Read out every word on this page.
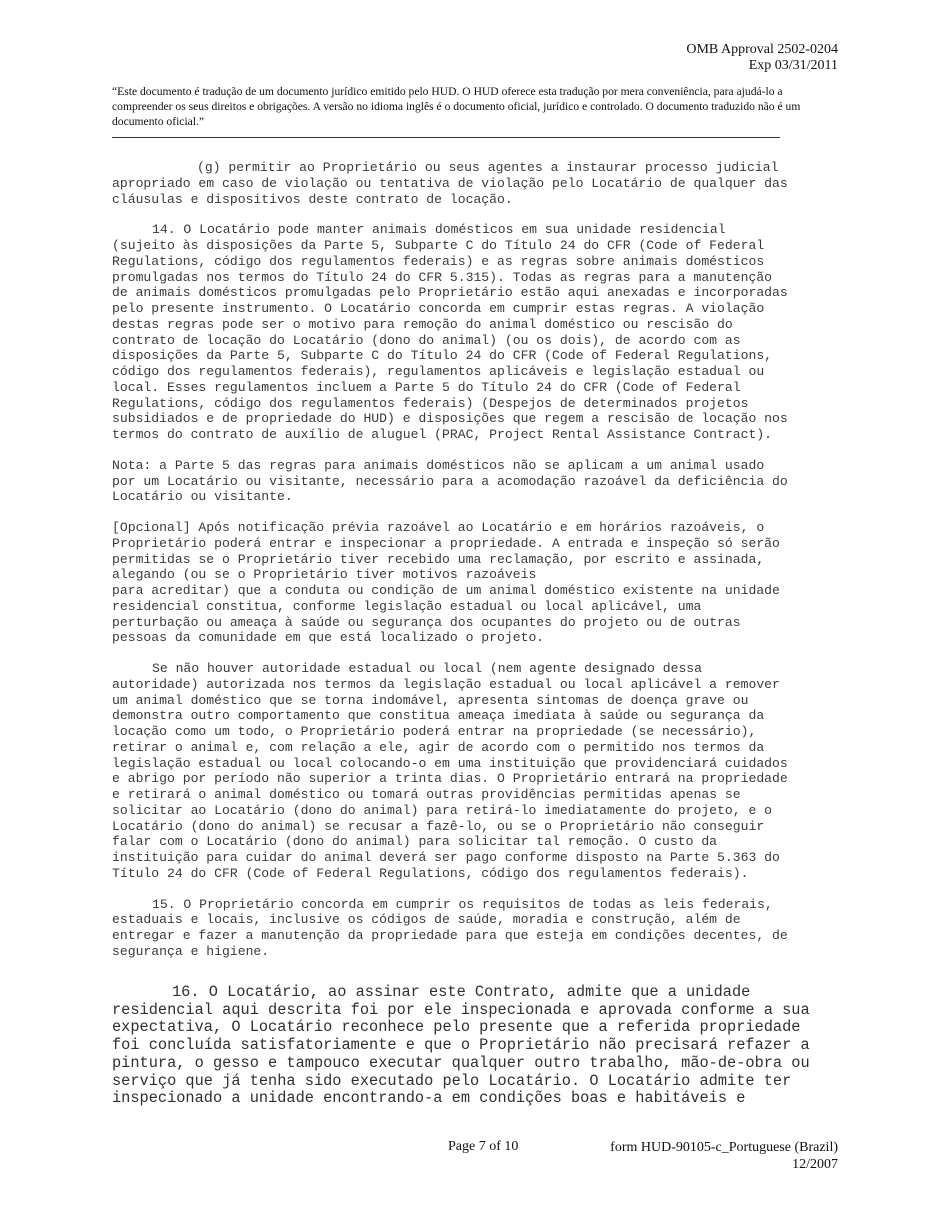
OMB Approval 2502-0204
Exp 03/31/2011
“Este documento é tradução de um documento jurídico emitido pelo HUD. O HUD oferece esta tradução por mera conveniência, para ajudá-lo a compreender os seus direitos e obrigações. A versão no idioma inglês é o documento oficial, jurídico e controlado. O documento traduzido não é um documento oficial.”

(g) permitir ao Proprietário ou seus agentes a instaurar processo judicial
apropriado em caso de violação ou tentativa de violação pelo Locatário de qualquer das
cláusulas e dispositivos deste contrato de locação.

14. O Locatário pode manter animais domésticos em sua unidade residencial
(sujeito às disposições da Parte 5, Subparte C do Título 24 do CFR (Code of Federal
Regulations, código dos regulamentos federais) e as regras sobre animais domésticos
promulgadas nos termos do Título 24 do CFR 5.315). Todas as regras para a manutenção
de animais domésticos promulgadas pelo Proprietário estão aqui anexadas e incorporadas
pelo presente instrumento. O Locatário concorda em cumprir estas regras. A violação
destas regras pode ser o motivo para remoção do animal doméstico ou rescisão do
contrato de locação do Locatário (dono do animal) (ou os dois), de acordo com as
disposições da Parte 5, Subparte C do Título 24 do CFR (Code of Federal Regulations,
código dos regulamentos federais), regulamentos aplicáveis e legislação estadual ou
local. Esses regulamentos incluem a Parte 5 do Título 24 do CFR (Code of Federal
Regulations, código dos regulamentos federais) (Despejos de determinados projetos
subsidiados e de propriedade do HUD) e disposições que regem a rescisão de locação nos
termos do contrato de auxílio de aluguel (PRAC, Project Rental Assistance Contract).

Nota: a Parte 5 das regras para animais domésticos não se aplicam a um animal usado
por um Locatário ou visitante, necessário para a acomodação razoável da deficiência do
Locatário ou visitante.

[Opcional] Após notificação prévia razoável ao Locatário e em horários razoáveis, o
Proprietário poderá entrar e inspecionar a propriedade. A entrada e inspeção só serão
permitidas se o Proprietário tiver recebido uma reclamação, por escrito e assinada,
alegando (ou se o Proprietário tiver motivos razoáveis
para acreditar) que a conduta ou condição de um animal doméstico existente na unidade
residencial constitua, conforme legislação estadual ou local aplicável, uma
perturbação ou ameaça à saúde ou segurança dos ocupantes do projeto ou de outras
pessoas da comunidade em que está localizado o projeto.

Se não houver autoridade estadual ou local (nem agente designado dessa
autoridade) autorizada nos termos da legislação estadual ou local aplicável a remover
um animal doméstico que se torna indomável, apresenta sintomas de doença grave ou
demonstra outro comportamento que constitua ameaça imediata à saúde ou segurança da
locação como um todo, o Proprietário poderá entrar na propriedade (se necessário),
retirar o animal e, com relação a ele, agir de acordo com o permitido nos termos da
legislação estadual ou local colocando-o em uma instituição que providenciará cuidados
e abrigo por período não superior a trinta dias. O Proprietário entrará na propriedade
e retirará o animal doméstico ou tomará outras providências permitidas apenas se
solicitar ao Locatário (dono do animal) para retirá-lo imediatamente do projeto, e o
Locatário (dono do animal) se recusar a fazê-lo, ou se o Proprietário não conseguir
falar com o Locatário (dono do animal) para solicitar tal remoção. O custo da
instituição para cuidar do animal deverá ser pago conforme disposto na Parte 5.363 do
Título 24 do CFR (Code of Federal Regulations, código dos regulamentos federais).

15. O Proprietário concorda em cumprir os requisitos de todas as leis federais,
estaduais e locais, inclusive os códigos de saúde, moradia e construção, além de
entregar e fazer a manutenção da propriedade para que esteja em condições decentes, de
segurança e higiene.

16. O Locatário, ao assinar este Contrato, admite que a unidade
residencial aqui descrita foi por ele inspecionada e aprovada conforme a sua
expectativa, O Locatário reconhece pelo presente que a referida propriedade
foi concluída satisfatoriamente e que o Proprietário não precisará refazer a
pintura, o gesso e tampouco executar qualquer outro trabalho, mão-de-obra ou
serviço que já tenha sido executado pelo Locatário. O Locatário admite ter
inspecionado a unidade encontrando-a em condições boas e habitáveis e
Page 7 of 10	form HUD-90105-c_Portuguese (Brazil)
12/2007
